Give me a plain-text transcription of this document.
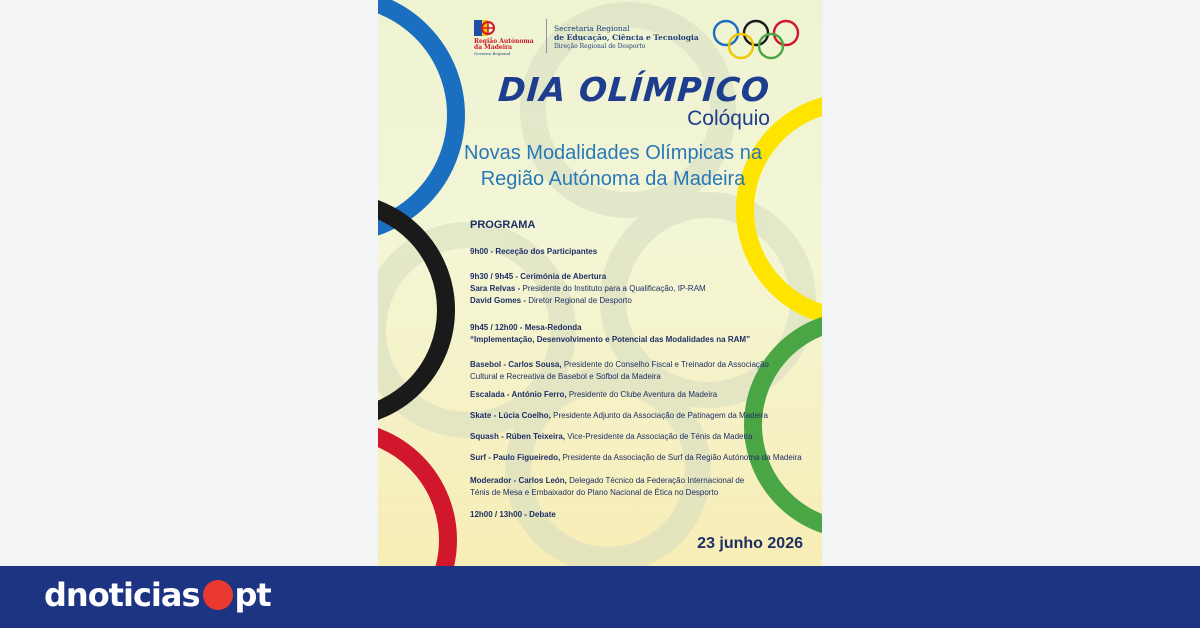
Região Autónoma
da Madeira
Governo Regional
Secretaria Regional
de Educação, Ciência e Tecnologia
Direção Regional de Desporto
DIA OLÍMPICO
Colóquio
Novas Modalidades Olímpicas na
Região Autónoma da Madeira
PROGRAMA
9h00 - Receção dos Participantes
9h30 / 9h45 - Cerimónia de Abertura
Sara Relvas - Presidente do Instituto para a Qualificação, IP-RAM
David Gomes - Diretor Regional de Desporto
9h45 / 12h00 - Mesa-Redonda
“Implementação, Desenvolvimento e Potencial das Modalidades na RAM”
Basebol - Carlos Sousa, Presidente do Conselho Fiscal e Treinador da Associação
Cultural e Recreativa de Basebol e Sofbol da Madeira
Escalada - António Ferro, Presidente do Clube Aventura da Madeira
Skate - Lúcia Coelho, Presidente Adjunto da Associação de Patinagem da Madeira
Squash - Rúben Teixeira, Vice-Presidente da Associação de Ténis da Madeira
Surf - Paulo Figueiredo, Presidente da Associação de Surf da Região Autónoma da Madeira
Moderador - Carlos León, Delegado Técnico da Federação Internacional de
Ténis de Mesa e Embaixador do Plano Nacional de Ética no Desporto
12h00 / 13h00 - Debate
23 junho 2026
dnoticias pt
